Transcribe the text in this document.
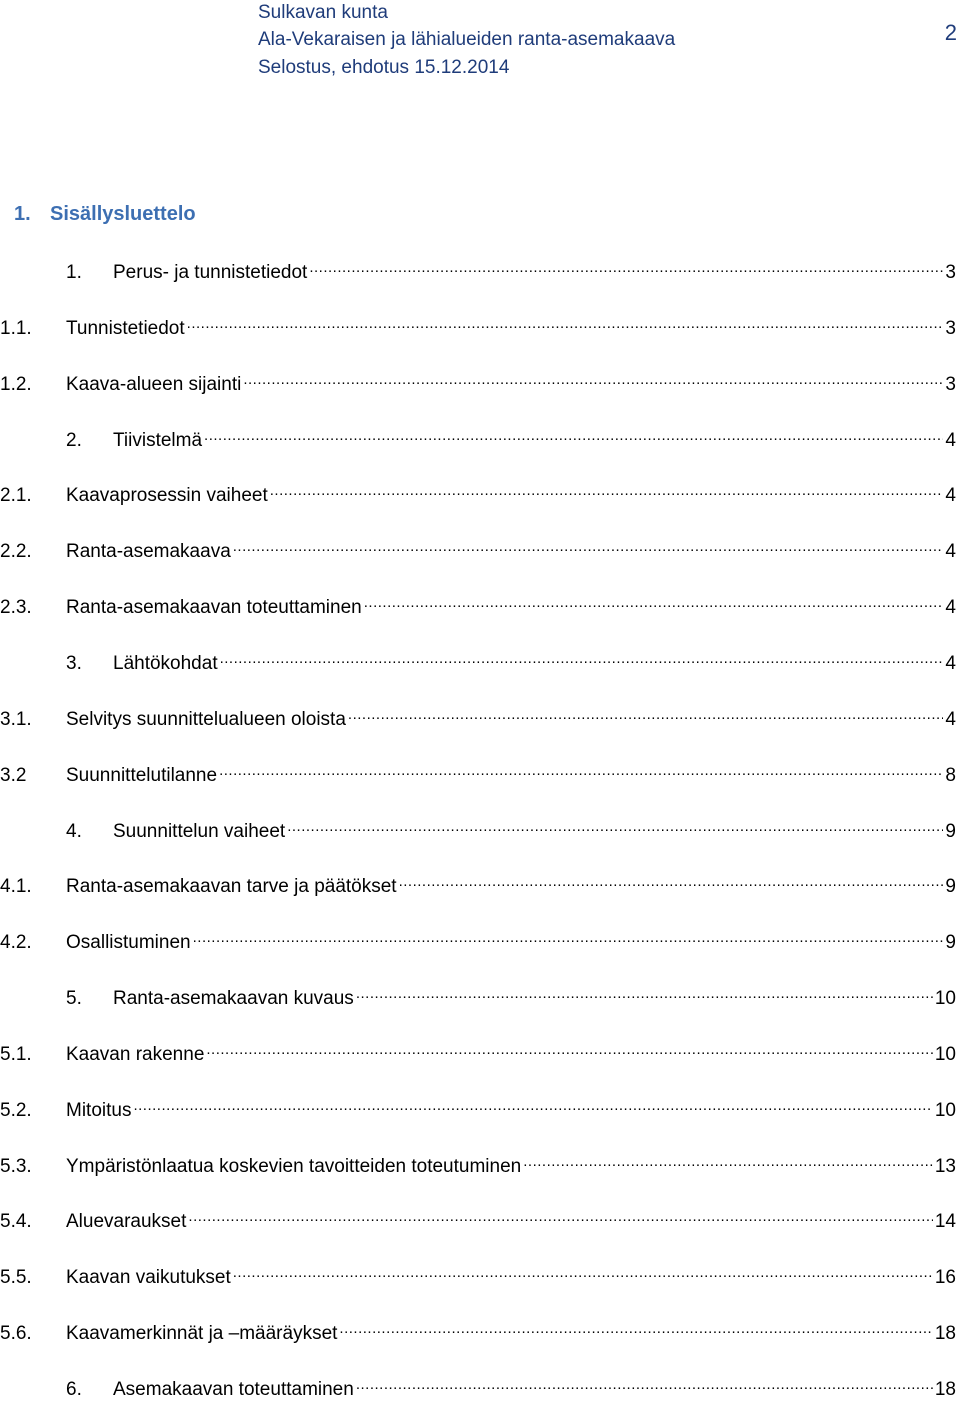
Sulkavan kunta
Ala-Vekaraisen ja lähialueiden ranta-asemakaava
Selostus, ehdotus 15.12.2014
2
1. Sisällysluettelo
1.	Perus- ja tunnistetiedot .....	3
1.1.	Tunnistetiedot .....	3
1.2.	Kaava-alueen sijainti .....	3
2.	Tiivistelmä .....	4
2.1.	Kaavaprosessin vaiheet .....	4
2.2.	Ranta-asemakaava .....	4
2.3.	Ranta-asemakaavan toteuttaminen .....	4
3.	Lähtökohdat .....	4
3.1.	Selvitys suunnittelualueen oloista .....	4
3.2	Suunnittelutilanne .....	8
4.	Suunnittelun vaiheet .....	9
4.1.	Ranta-asemakaavan tarve ja päätökset .....	9
4.2.	Osallistuminen .....	9
5.	Ranta-asemakaavan kuvaus .....	10
5.1.	Kaavan rakenne .....	10
5.2.	Mitoitus .....	10
5.3.	Ympäristönlaatua koskevien tavoitteiden toteutuminen .....	13
5.4.	Aluevaraukset .....	14
5.5.	Kaavan vaikutukset .....	16
5.6.	Kaavamerkinnät ja –määräykset .....	18
6.	Asemakaavan toteuttaminen .....	18
